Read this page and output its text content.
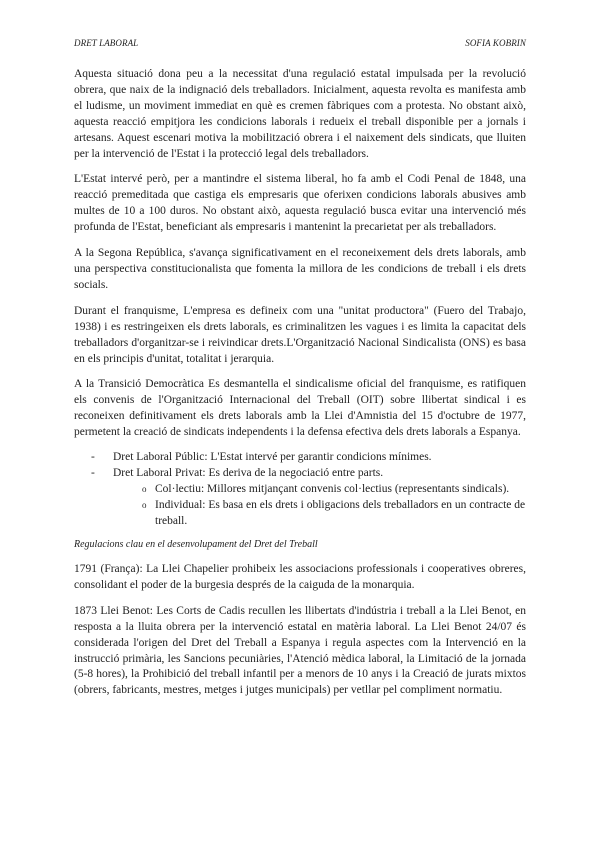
DRET LABORAL	SOFIA KOBRIN

Aquesta situació dona peu a la necessitat d'una regulació estatal impulsada per la revolució obrera, que naix de la indignació dels treballadors. Inicialment, aquesta revolta es manifesta amb el ludisme, un moviment immediat en què es cremen fàbriques com a protesta. No obstant això, aquesta reacció empitjora les condicions laborals i redueix el treball disponible per a jornals i artesans. Aquest escenari motiva la mobilització obrera i el naixement dels sindicats, que lluiten per la intervenció de l'Estat i la protecció legal dels treballadors.

L'Estat intervé però, per a mantindre el sistema liberal, ho fa amb el Codi Penal de 1848, una reacció premeditada que castiga els empresaris que oferixen condicions laborals abusives amb multes de 10 a 100 duros. No obstant això, aquesta regulació busca evitar una intervenció més profunda de l'Estat, beneficiant als empresaris i mantenint la precarietat per als treballadors.

A la Segona República, s'avança significativament en el reconeixement dels drets laborals, amb una perspectiva constitucionalista que fomenta la millora de les condicions de treball i els drets socials.

Durant el franquisme, L'empresa es defineix com una "unitat productora" (Fuero del Trabajo, 1938) i es restringeixen els drets laborals, es criminalitzen les vagues i es limita la capacitat dels treballadors d'organitzar-se i reivindicar drets.L'Organització Nacional Sindicalista (ONS) es basa en els principis d'unitat, totalitat i jerarquia.

A la Transició Democràtica Es desmantella el sindicalisme oficial del franquisme, es ratifiquen els convenis de l'Organització Internacional del Treball (OIT) sobre llibertat sindical i es reconeixen definitivament els drets laborals amb la Llei d'Amnistia del 15 d'octubre de 1977, permetent la creació de sindicats independents i la defensa efectiva dels drets laborals a Espanya.

- Dret Laboral Públic: L'Estat intervé per garantir condicions mínimes.
- Dret Laboral Privat: Es deriva de la negociació entre parts.
o Col·lectiu: Millores mitjançant convenis col·lectius (representants sindicals).
o Individual: Es basa en els drets i obligacions dels treballadors en un contracte de treball.
Regulacions clau en el desenvolupament del Dret del Treball

1791 (França): La Llei Chapelier prohibeix les associacions professionals i cooperatives obreres, consolidant el poder de la burgesia després de la caiguda de la monarquia.

1873 Llei Benot: Les Corts de Cadis recullen les llibertats d'indústria i treball a la Llei Benot, en resposta a la lluita obrera per la intervenció estatal en matèria laboral. La Llei Benot 24/07 és considerada l'origen del Dret del Treball a Espanya i regula aspectes com la Intervenció en la instrucció primària, les Sancions pecuniàries, l'Atenció mèdica laboral, la Limitació de la jornada (5-8 hores), la Prohibició del treball infantil per a menors de 10 anys i la Creació de jurats mixtos (obrers, fabricants, mestres, metges i jutges municipals) per vetllar pel compliment normatiu.
